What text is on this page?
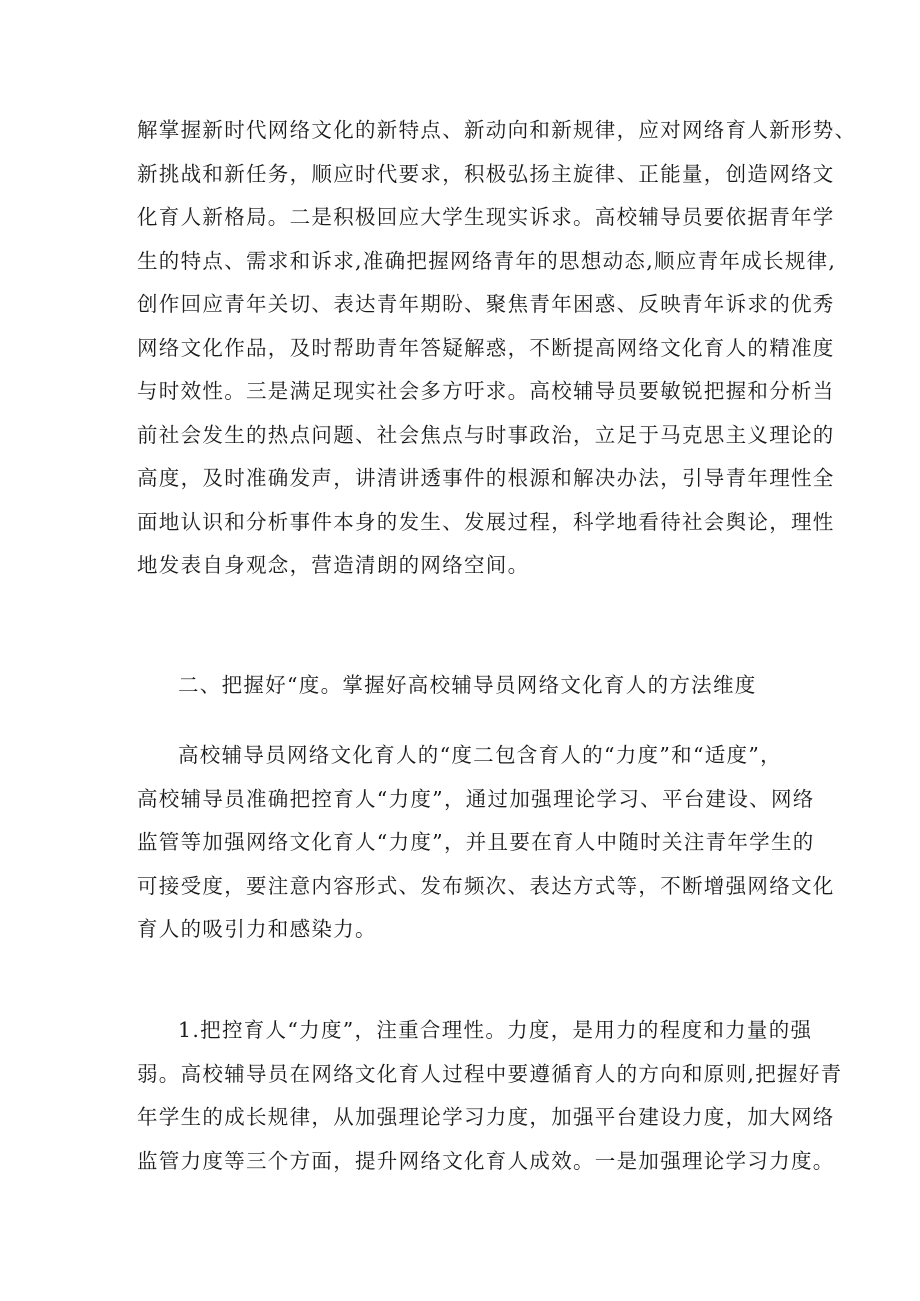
解掌握新时代网络文化的新特点、新动向和新规律，应对网络育人新形势、
新挑战和新任务，顺应时代要求，积极弘扬主旋律、正能量，创造网络文
化育人新格局。二是积极回应大学生现实诉求。高校辅导员要依据青年学
生的特点、需求和诉求,准确把握网络青年的思想动态,顺应青年成长规律,
创作回应青年关切、表达青年期盼、聚焦青年困惑、反映青年诉求的优秀
网络文化作品，及时帮助青年答疑解惑，不断提高网络文化育人的精准度
与时效性。三是满足现实社会多方吁求。高校辅导员要敏锐把握和分析当
前社会发生的热点问题、社会焦点与时事政治，立足于马克思主义理论的
高度，及时准确发声，讲清讲透事件的根源和解决办法，引导青年理性全
面地认识和分析事件本身的发生、发展过程，科学地看待社会舆论，理性
地发表自身观念，营造清朗的网络空间。
二、把握好“度。掌握好高校辅导员网络文化育人的方法维度
高校辅导员网络文化育人的“度二包含育人的“力度”和“适度”，
高校辅导员准确把控育人“力度”，通过加强理论学习、平台建设、网络
监管等加强网络文化育人“力度”，并且要在育人中随时关注青年学生的
可接受度，要注意内容形式、发布频次、表达方式等，不断增强网络文化
育人的吸引力和感染力。
1.把控育人“力度”，注重合理性。力度，是用力的程度和力量的强
弱。高校辅导员在网络文化育人过程中要遵循育人的方向和原则,把握好青
年学生的成长规律，从加强理论学习力度，加强平台建设力度，加大网络
监管力度等三个方面，提升网络文化育人成效。一是加强理论学习力度。
